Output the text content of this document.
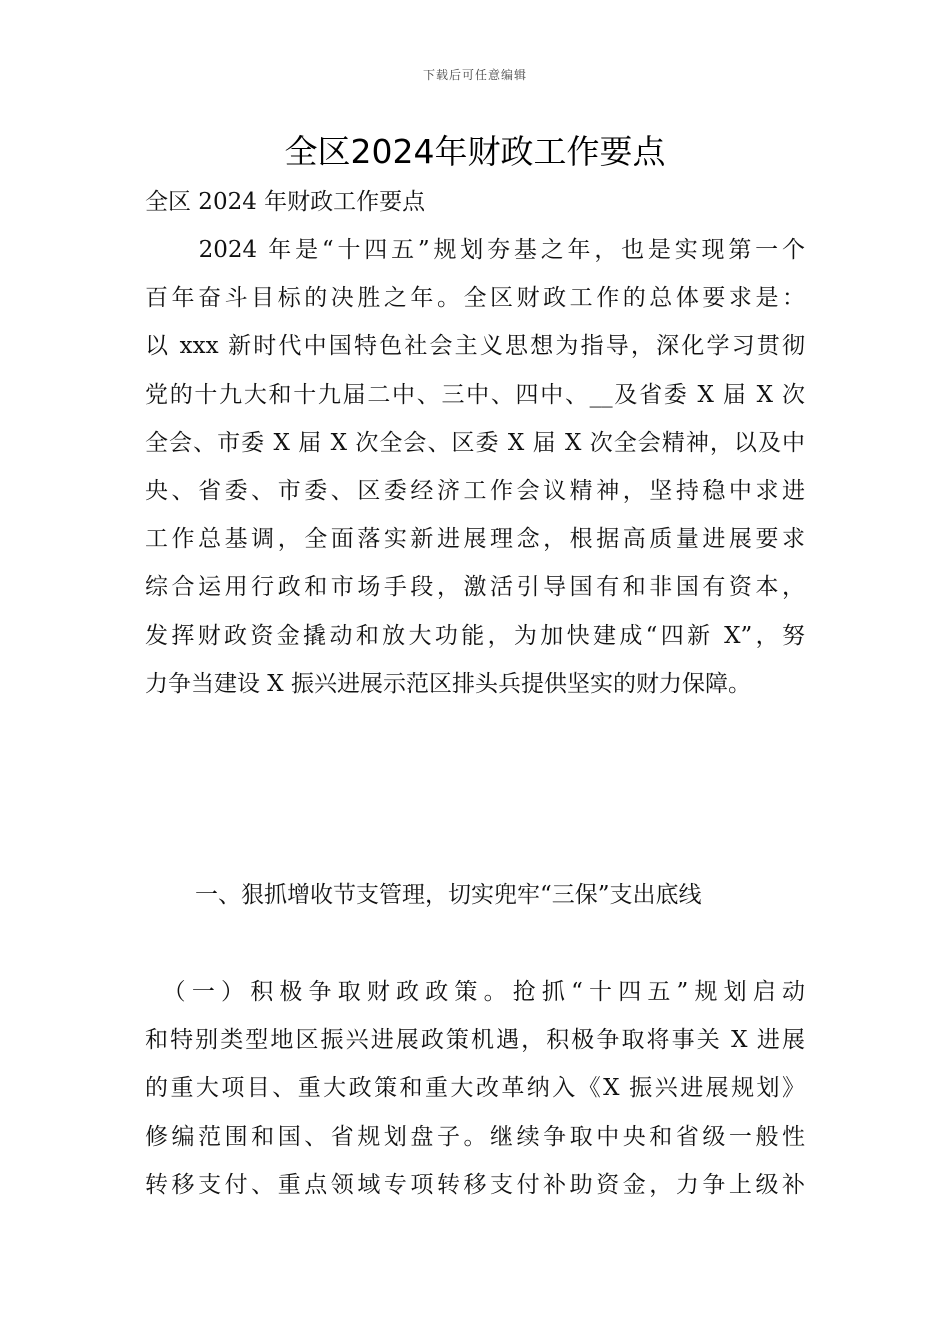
下载后可任意编辑
全区2024年财政工作要点
全区 2024 年财政工作要点
　　2024 年是“十四五”规划夯基之年，也是实现第一个
百年奋斗目标的决胜之年。全区财政工作的总体要求是：
以 xxx 新时代中国特色社会主义思想为指导，深化学习贯彻
党的十九大和十九届二中、三中、四中、__及省委 X 届 X 次
全会、市委 X 届 X 次全会、区委 X 届 X 次全会精神，以及中
央、省委、市委、区委经济工作会议精神，坚持稳中求进
工作总基调，全面落实新进展理念，根据高质量进展要求
综合运用行政和市场手段，激活引导国有和非国有资本，
发挥财政资金撬动和放大功能，为加快建成“四新 X”，努
力争当建设 X 振兴进展示范区排头兵提供坚实的财力保障。
一、狠抓增收节支管理，切实兜牢“三保”支出底线
　（一）积极争取财政政策。抢抓“十四五”规划启动
和特别类型地区振兴进展政策机遇，积极争取将事关 X 进展
的重大项目、重大政策和重大改革纳入《X 振兴进展规划》
修编范围和国、省规划盘子。继续争取中央和省级一般性
转移支付、重点领域专项转移支付补助资金，力争上级补
